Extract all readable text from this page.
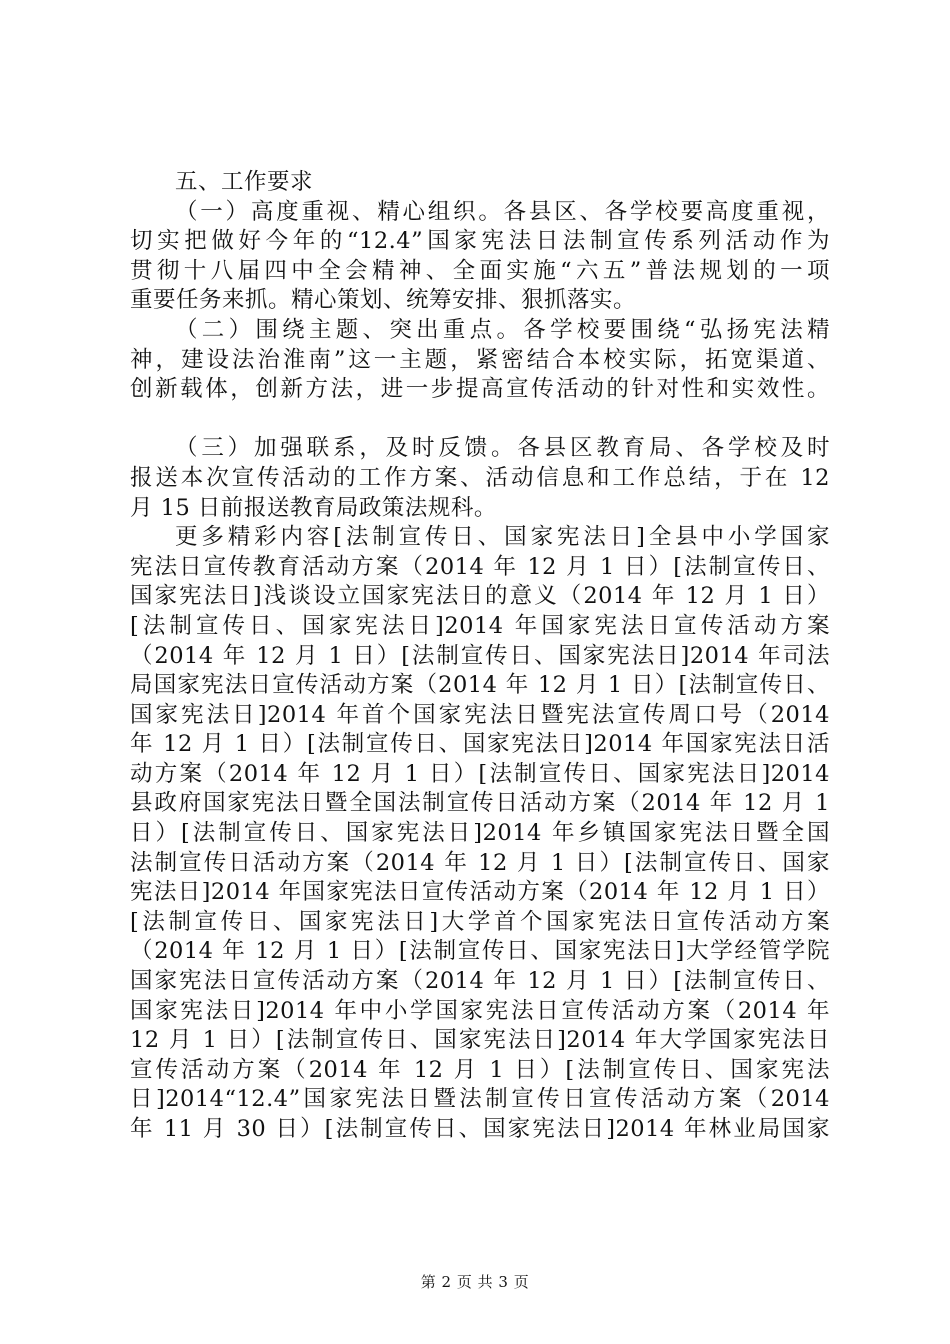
五、工作要求
（一）高度重视、精心组织。各县区、各学校要高度重视，
切实把做好今年的“12.4”国家宪法日法制宣传系列活动作为
贯彻十八届四中全会精神、全面实施“六五”普法规划的一项
重要任务来抓。精心策划、统筹安排、狠抓落实。
（二）围绕主题、突出重点。各学校要围绕“弘扬宪法精
神，建设法治淮南”这一主题，紧密结合本校实际，拓宽渠道、
创新载体，创新方法，进一步提高宣传活动的针对性和实效性。
（三）加强联系，及时反馈。各县区教育局、各学校及时
报送本次宣传活动的工作方案、活动信息和工作总结，于在 12
月 15 日前报送教育局政策法规科。
更多精彩内容[法制宣传日、国家宪法日]全县中小学国家
宪法日宣传教育活动方案（2014 年 12 月 1 日）[法制宣传日、
国家宪法日]浅谈设立国家宪法日的意义（2014 年 12 月 1 日）
[法制宣传日、国家宪法日]2014 年国家宪法日宣传活动方案
（2014 年 12 月 1 日）[法制宣传日、国家宪法日]2014 年司法
局国家宪法日宣传活动方案（2014 年 12 月 1 日）[法制宣传日、
国家宪法日]2014 年首个国家宪法日暨宪法宣传周口号（2014
年 12 月 1 日）[法制宣传日、国家宪法日]2014 年国家宪法日活
动方案（2014 年 12 月 1 日）[法制宣传日、国家宪法日]2014
县政府国家宪法日暨全国法制宣传日活动方案（2014 年 12 月 1
日）[法制宣传日、国家宪法日]2014 年乡镇国家宪法日暨全国
法制宣传日活动方案（2014 年 12 月 1 日）[法制宣传日、国家
宪法日]2014 年国家宪法日宣传活动方案（2014 年 12 月 1 日）
[法制宣传日、国家宪法日]大学首个国家宪法日宣传活动方案
（2014 年 12 月 1 日）[法制宣传日、国家宪法日]大学经管学院
国家宪法日宣传活动方案（2014 年 12 月 1 日）[法制宣传日、
国家宪法日]2014 年中小学国家宪法日宣传活动方案（2014 年
12 月 1 日）[法制宣传日、国家宪法日]2014 年大学国家宪法日
宣传活动方案（2014 年 12 月 1 日）[法制宣传日、国家宪法
日]2014“12.4”国家宪法日暨法制宣传日宣传活动方案（2014
年 11 月 30 日）[法制宣传日、国家宪法日]2014 年林业局国家
第 2 页 共 3 页
